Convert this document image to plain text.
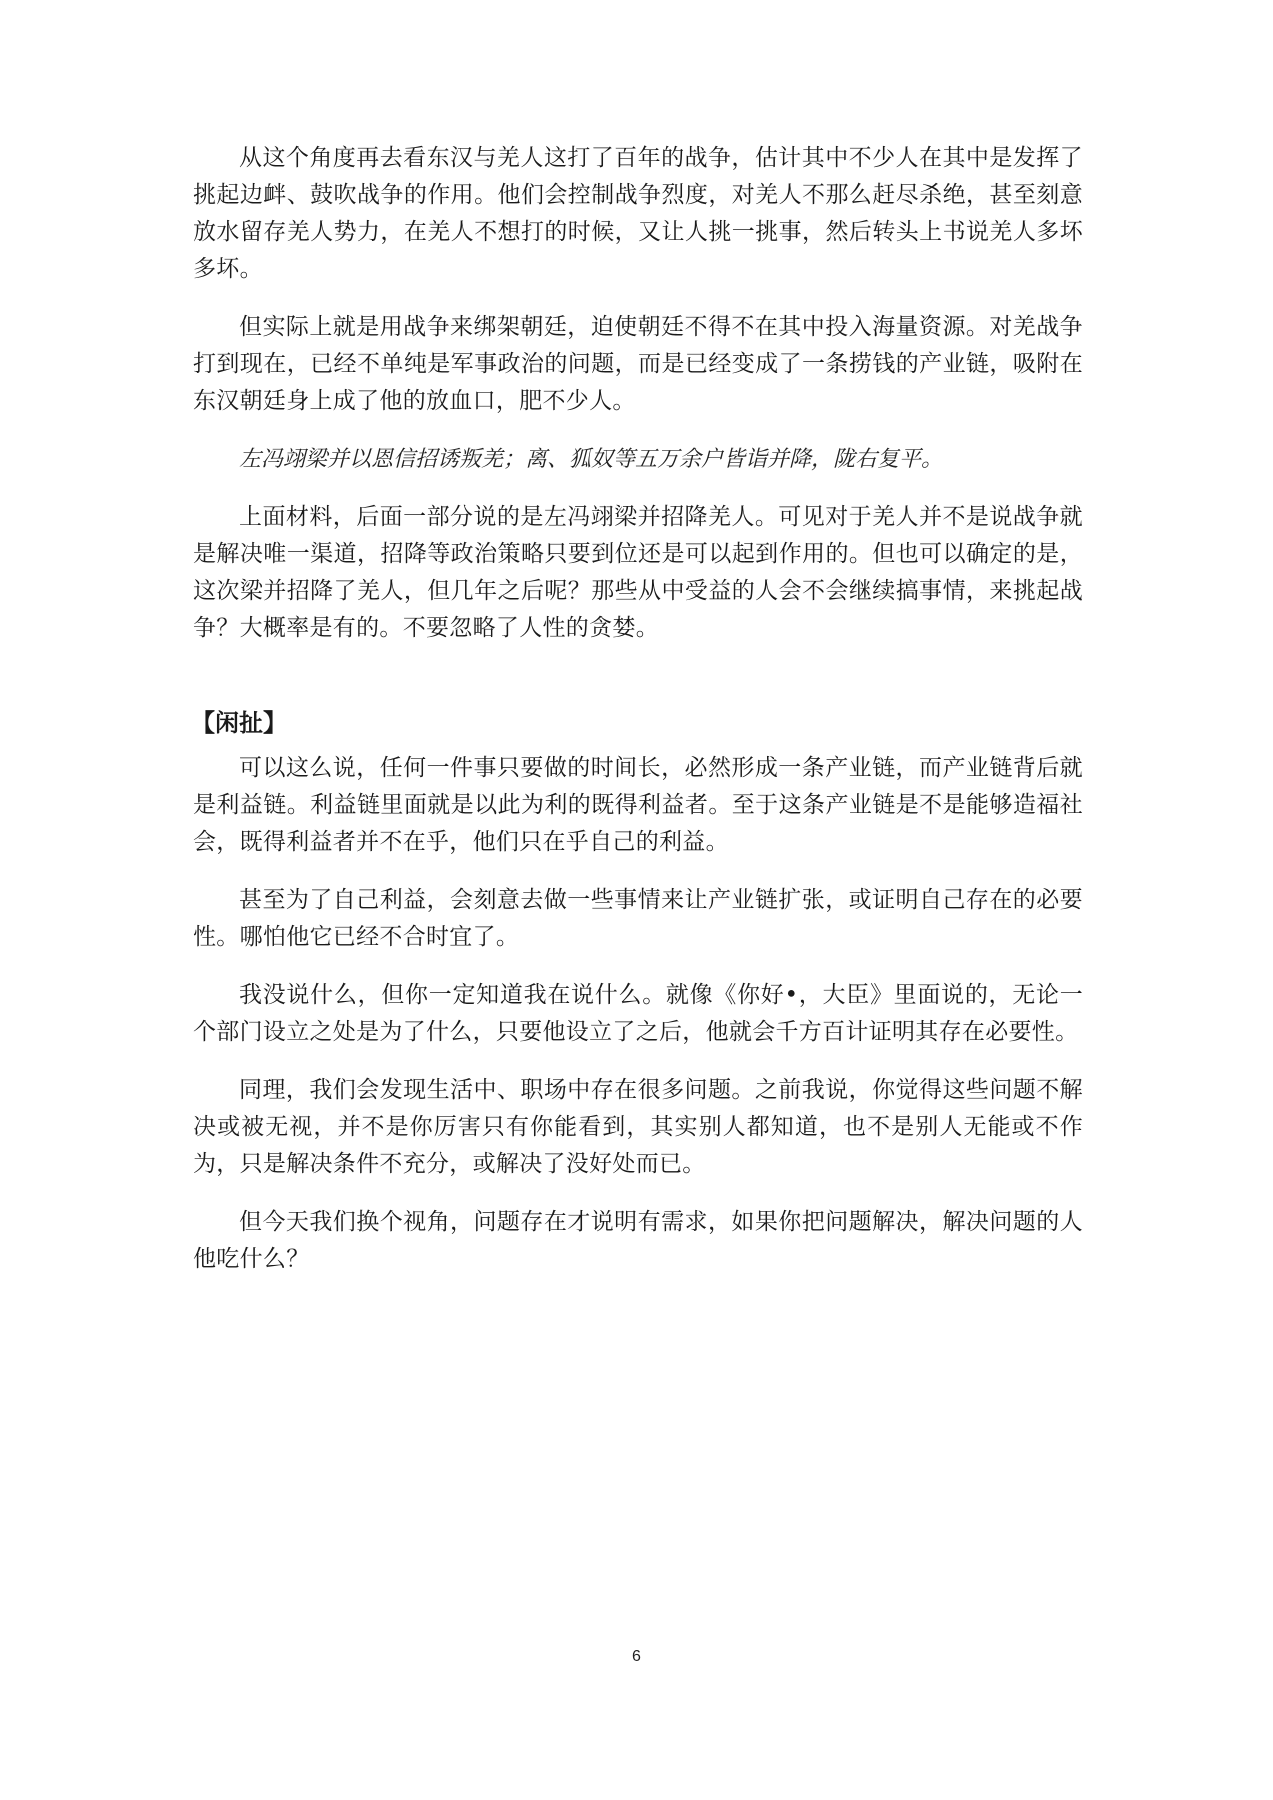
从这个角度再去看东汉与羌人这打了百年的战争，估计其中不少人在其中是发挥了挑起边衅、鼓吹战争的作用。他们会控制战争烈度，对羌人不那么赶尽杀绝，甚至刻意放水留存羌人势力，在羌人不想打的时候，又让人挑一挑事，然后转头上书说羌人多坏多坏。

但实际上就是用战争来绑架朝廷，迫使朝廷不得不在其中投入海量资源。对羌战争打到现在，已经不单纯是军事政治的问题，而是已经变成了一条捞钱的产业链，吸附在东汉朝廷身上成了他的放血口，肥不少人。

左冯翊梁并以恩信招诱叛羌；离、狐奴等五万余户皆诣并降，陇右复平。

上面材料，后面一部分说的是左冯翊梁并招降羌人。可见对于羌人并不是说战争就是解决唯一渠道，招降等政治策略只要到位还是可以起到作用的。但也可以确定的是，这次梁并招降了羌人，但几年之后呢？那些从中受益的人会不会继续搞事情，来挑起战争？大概率是有的。不要忽略了人性的贪婪。

【闲扯】

可以这么说，任何一件事只要做的时间长，必然形成一条产业链，而产业链背后就是利益链。利益链里面就是以此为利的既得利益者。至于这条产业链是不是能够造福社会，既得利益者并不在乎，他们只在乎自己的利益。

甚至为了自己利益，会刻意去做一些事情来让产业链扩张，或证明自己存在的必要性。哪怕他它已经不合时宜了。

我没说什么，但你一定知道我在说什么。就像《你好•，大臣》里面说的，无论一个部门设立之处是为了什么，只要他设立了之后，他就会千方百计证明其存在必要性。

同理，我们会发现生活中、职场中存在很多问题。之前我说，你觉得这些问题不解决或被无视，并不是你厉害只有你能看到，其实别人都知道，也不是别人无能或不作为，只是解决条件不充分，或解决了没好处而已。

但今天我们换个视角，问题存在才说明有需求，如果你把问题解决，解决问题的人他吃什么？

6
